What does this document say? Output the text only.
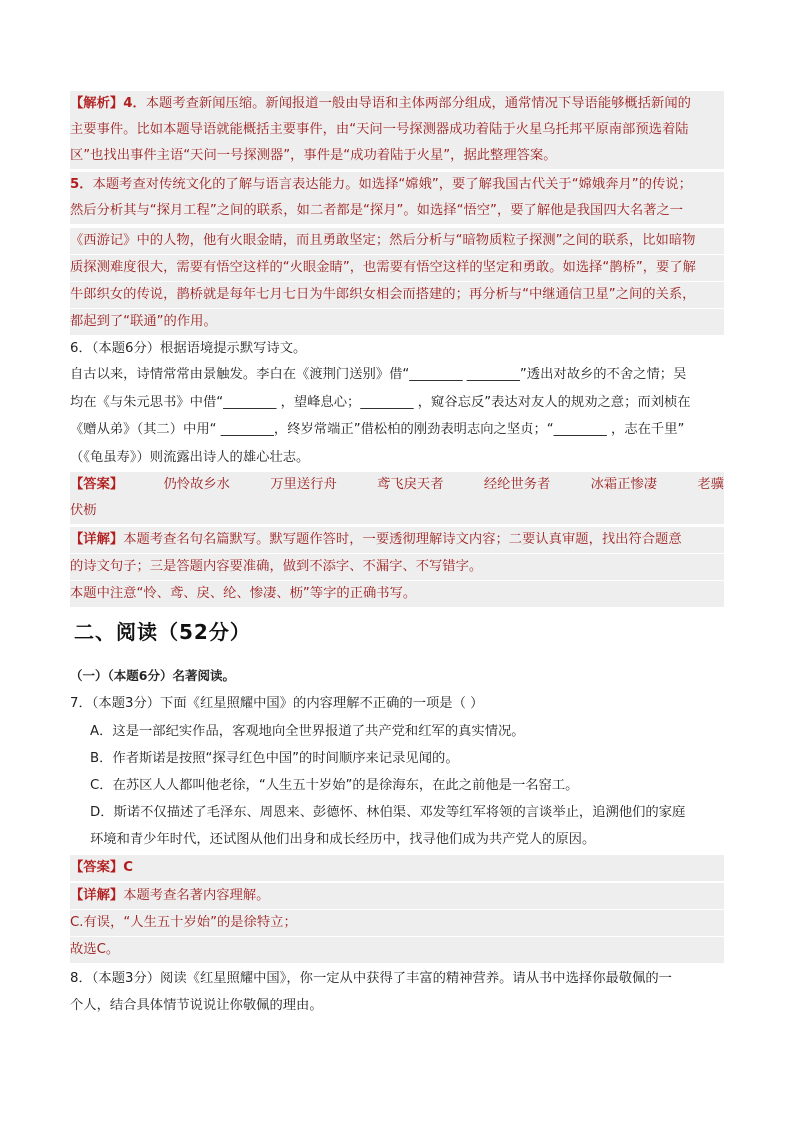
【解析】4．本题考查新闻压缩。新闻报道一般由导语和主体两部分组成，通常情况下导语能够概括新闻的
主要事件。比如本题导语就能概括主要事件，由“天问一号探测器成功着陆于火星乌托邦平原南部预选着陆
区”也找出事件主语“天问一号探测器”，事件是“成功着陆于火星”，据此整理答案。
5．本题考查对传统文化的了解与语言表达能力。如选择“嫦娥”，要了解我国古代关于“嫦娥奔月”的传说；
然后分析其与“探月工程”之间的联系，如二者都是“探月”。如选择“悟空”，要了解他是我国四大名著之一
《西游记》中的人物，他有火眼金睛，而且勇敢坚定；然后分析与“暗物质粒子探测”之间的联系，比如暗物
质探测难度很大，需要有悟空这样的“火眼金睛”，也需要有悟空这样的坚定和勇敢。如选择“鹊桥”，要了解
牛郎织女的传说，鹊桥就是每年七月七日为牛郎织女相会而搭建的；再分析与“中继通信卫星”之间的关系，
都起到了“联通”的作用。
6．（本题6分）根据语境提示默写诗文。
自古以来，诗情常常由景触发。李白在《渡荆门送别》借“________ ________”透出对故乡的不舍之情；吴
均在《与朱元思书》中借“________ ，望峰息心；________ ，窥谷忘反”表达对友人的规劝之意；而刘桢在
《赠从弟》（其二）中用“ ________，终岁常端正”借松柏的刚劲表明志向之坚贞；“________ ，志在千里”
（《龟虽寿》）则流露出诗人的雄心壮志。
【答案】	仍怜故乡水	万里送行舟	鸢飞戾天者	经纶世务者	冰霜正惨凄	老骥
伏枥
【详解】本题考查名句名篇默写。默写题作答时，一要透彻理解诗文内容；二要认真审题，找出符合题意
的诗文句子；三是答题内容要准确，做到不添字、不漏字、不写错字。
本题中注意“怜、鸢、戾、纶、惨凄、枥”等字的正确书写。
二、阅读（52分）
（一）（本题6分）名著阅读。
7．（本题3分）下面《红星照耀中国》的内容理解不正确的一项是（ ）
A．这是一部纪实作品，客观地向全世界报道了共产党和红军的真实情况。
B．作者斯诺是按照“探寻红色中国”的时间顺序来记录见闻的。
C．在苏区人人都叫他老徐，“人生五十岁始”的是徐海东，在此之前他是一名窑工。
D．斯诺不仅描述了毛泽东、周恩来、彭德怀、林伯渠、邓发等红军将领的言谈举止，追溯他们的家庭
环境和青少年时代，还试图从他们出身和成长经历中，找寻他们成为共产党人的原因。
【答案】C
【详解】本题考查名著内容理解。
C.有误，“人生五十岁始”的是徐特立；
故选C。
8．（本题3分）阅读《红星照耀中国》，你一定从中获得了丰富的精神营养。请从书中选择你最敬佩的一
个人，结合具体情节说说让你敬佩的理由。
